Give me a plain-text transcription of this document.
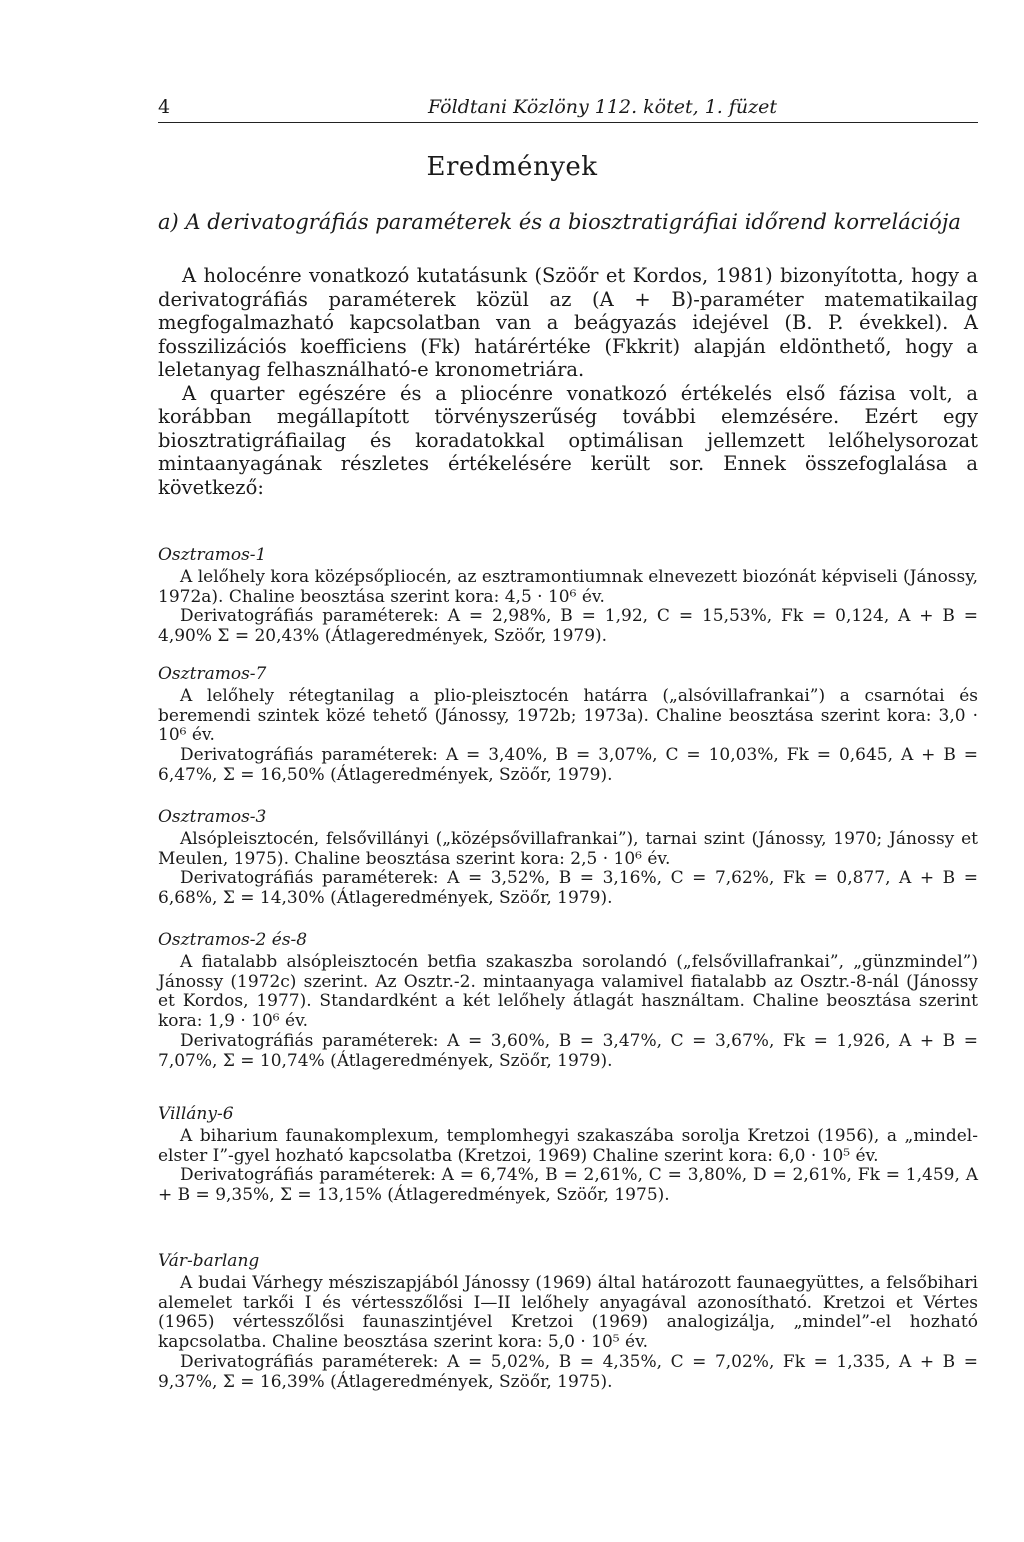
4	Földtani Közlöny 112. kötet, 1. füzet
Eredmények
a) A derivatográfiás paraméterek és a biosztratigráfiai időrend korrelációja

A holocénre vonatkozó kutatásunk (Szöőr et Kordos, 1981) bizonyította, hogy a derivatográfiás paraméterek közül az (A + B)-paraméter matematikailag megfogalmazható kapcsolatban van a beágyazás idejével (B. P. évekkel). A fosszilizációs koefficiens (Fk) határértéke (Fkkrit) alapján eldönthető, hogy a leletanyag felhasználható-e kronometriára.

A quarter egészére és a pliocénre vonatkozó értékelés első fázisa volt, a korábban megállapított törvényszerűség további elemzésére. Ezért egy biosztratigráfiailag és koradatokkal optimálisan jellemzett lelőhelysorozat mintaanyagának részletes értékelésére került sor. Ennek összefoglalása a következő:

Osztramos-1

A lelőhely kora középsőpliocén, az esztramontiumnak elnevezett biozónát képviseli (Jánossy, 1972a). Chaline beosztása szerint kora: 4,5 · 10⁶ év.

Derivatográfiás paraméterek: A = 2,98%, B = 1,92, C = 15,53%, Fk = 0,124, A + B = 4,90% Σ = 20,43% (Átlageredmények, Szöőr, 1979).

Osztramos-7

A lelőhely rétegtanilag a plio-pleisztocén határra („alsóvillafrankai”) a csarnótai és beremendi szintek közé tehető (Jánossy, 1972b; 1973a). Chaline beosztása szerint kora: 3,0 · 10⁶ év.

Derivatográfiás paraméterek: A = 3,40%, B = 3,07%, C = 10,03%, Fk = 0,645, A + B = 6,47%, Σ = 16,50% (Átlageredmények, Szöőr, 1979).

Osztramos-3

Alsópleisztocén, felsővillányi („középsővillafrankai”), tarnai szint (Jánossy, 1970; Jánossy et Meulen, 1975). Chaline beosztása szerint kora: 2,5 · 10⁶ év.

Derivatográfiás paraméterek: A = 3,52%, B = 3,16%, C = 7,62%, Fk = 0,877, A + B = 6,68%, Σ = 14,30% (Átlageredmények, Szöőr, 1979).

Osztramos-2 és-8

A fiatalabb alsópleisztocén betfia szakaszba sorolandó („felsővillafrankai”, „günzmindel”) Jánossy (1972c) szerint. Az Osztr.-2. mintaanyaga valamivel fiatalabb az Osztr.-8-nál (Jánossy et Kordos, 1977). Standardként a két lelőhely átlagát használtam. Chaline beosztása szerint kora: 1,9 · 10⁶ év.

Derivatográfiás paraméterek: A = 3,60%, B = 3,47%, C = 3,67%, Fk = 1,926, A + B = 7,07%, Σ = 10,74% (Átlageredmények, Szöőr, 1979).

Villány-6

A biharium faunakomplexum, templomhegyi szakaszába sorolja Kretzoi (1956), a „mindel-elster I”-gyel hozható kapcsolatba (Kretzoi, 1969) Chaline szerint kora: 6,0 · 10⁵ év.

Derivatográfiás paraméterek: A = 6,74%, B = 2,61%, C = 3,80%, D = 2,61%, Fk = 1,459, A + B = 9,35%, Σ = 13,15% (Átlageredmények, Szöőr, 1975).

Vár-barlang

A budai Várhegy mésziszapjából Jánossy (1969) által határozott faunaegyüttes, a felsőbihari alemelet tarkői I és vértesszőlősi I—II lelőhely anyagával azonosítható. Kretzoi et Vértes (1965) vértesszőlősi faunaszintjével Kretzoi (1969) analogizálja, „mindel”-el hozható kapcsolatba. Chaline beosztása szerint kora: 5,0 · 10⁵ év.

Derivatográfiás paraméterek: A = 5,02%, B = 4,35%, C = 7,02%, Fk = 1,335, A + B = 9,37%, Σ = 16,39% (Átlageredmények, Szöőr, 1975).
